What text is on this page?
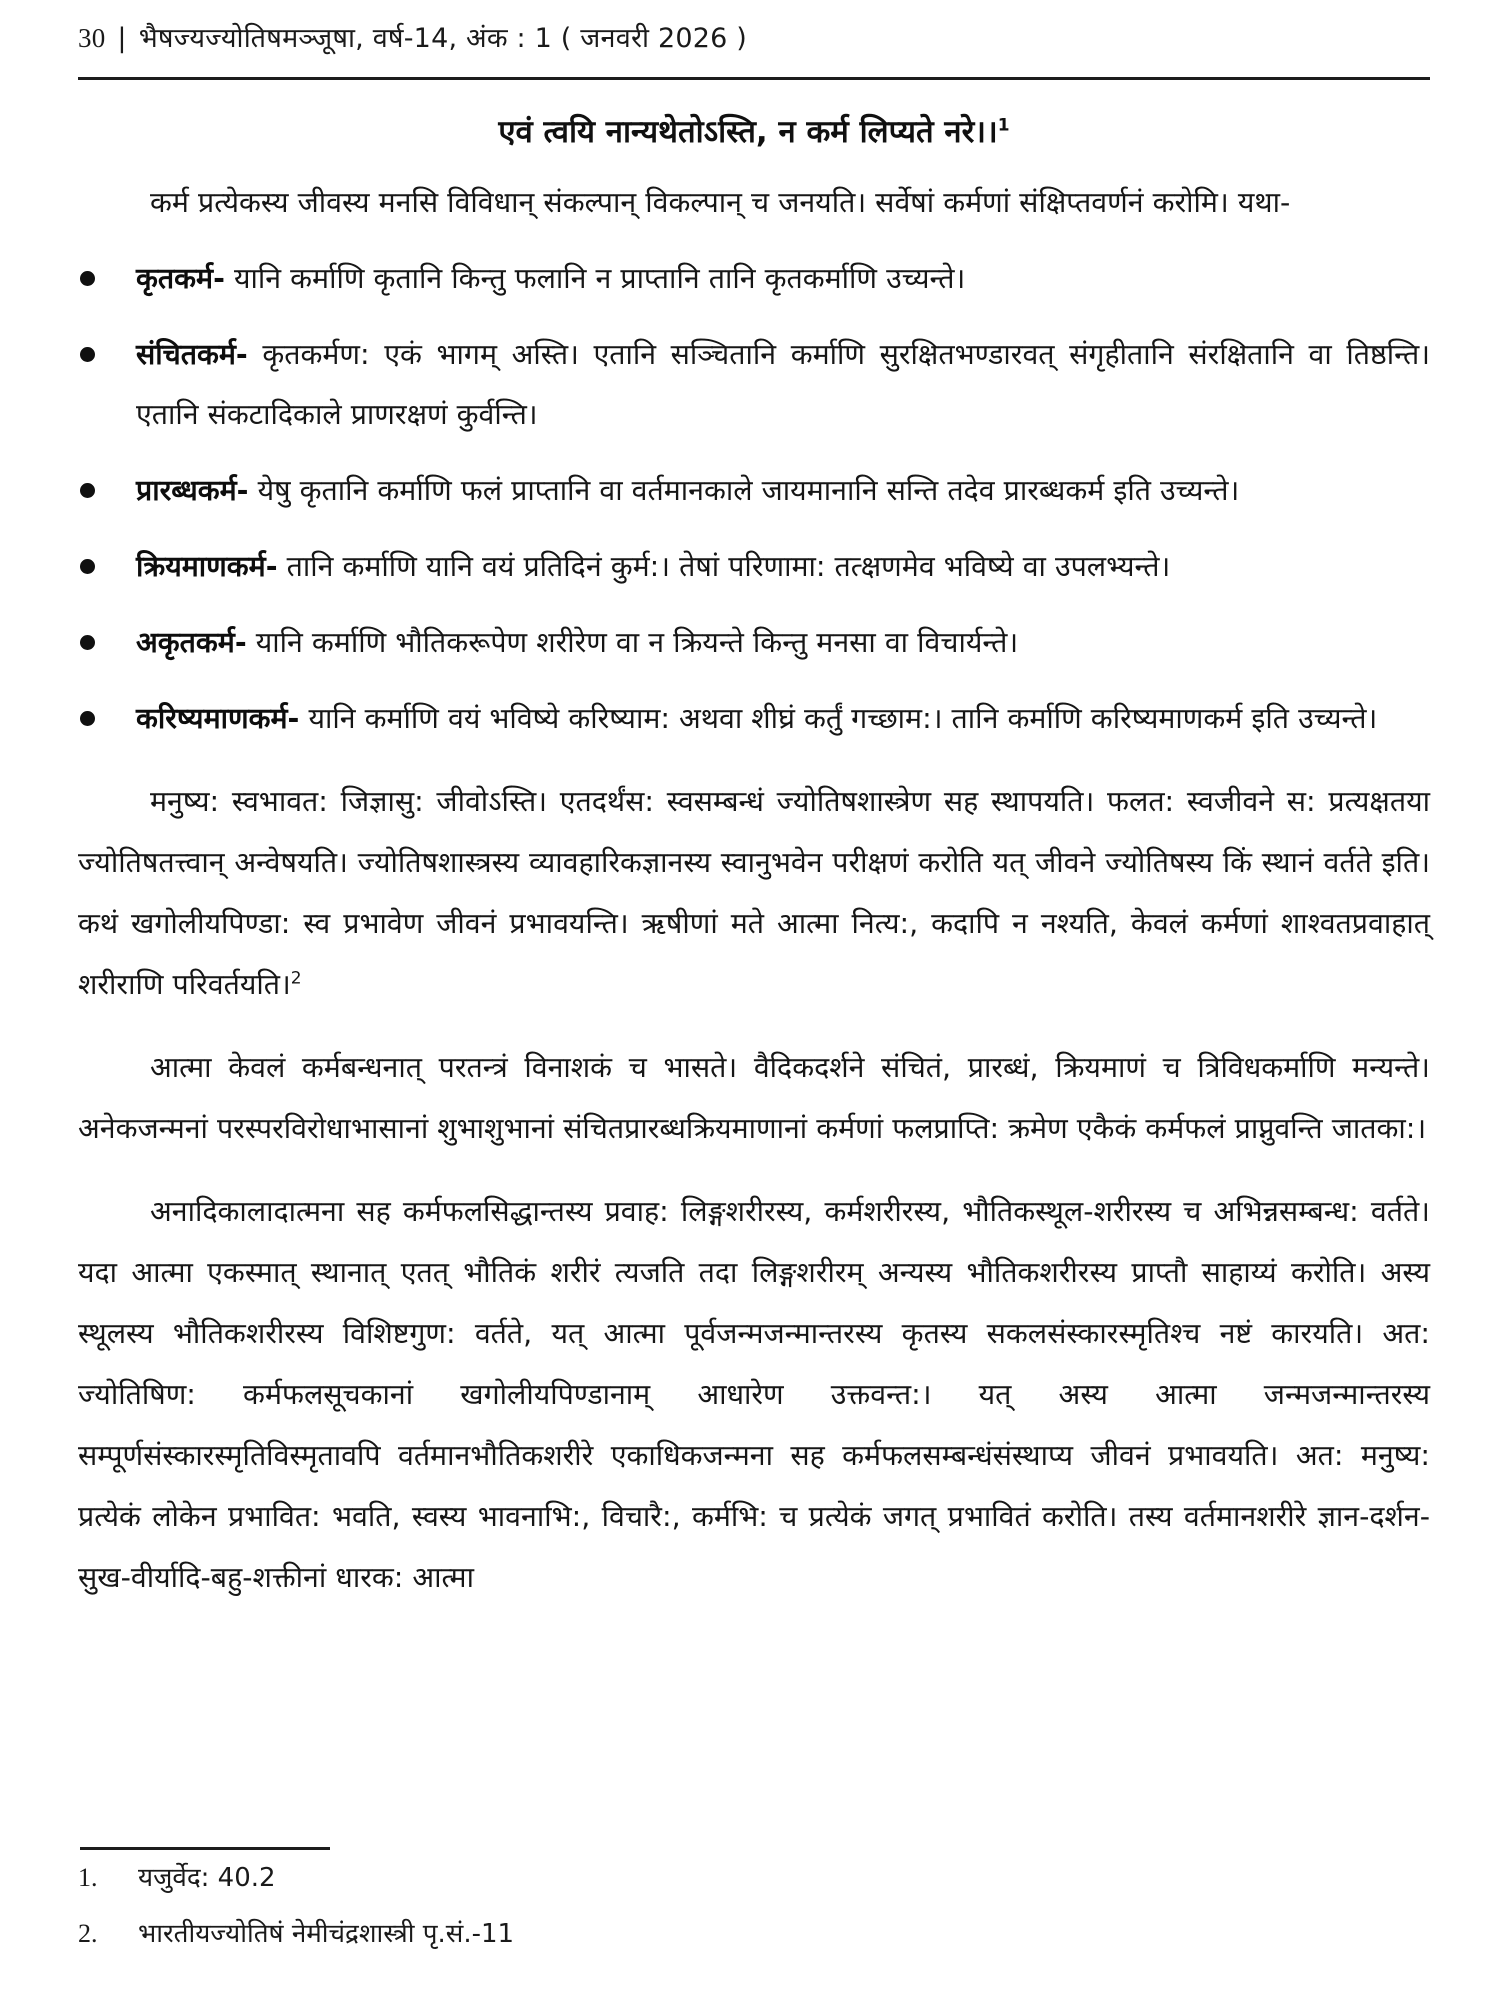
30 | भैषज्यज्योतिषमञ्जूषा, वर्ष-14, अंक : 1 ( जनवरी 2026 )
एवं त्वयि नान्यथेतोऽस्ति, न कर्म लिप्यते नरे।।$^1$

कर्म प्रत्येकस्य जीवस्य मनसि विविधान् संकल्पान् विकल्पान् च जनयति। सर्वेषां कर्मणां संक्षिप्तवर्णनं करोमि। यथा-

कृतकर्म- यानि कर्माणि कृतानि किन्तु फलानि न प्राप्तानि तानि कृतकर्माणि उच्यन्ते।
संचितकर्म- कृतकर्मण: एकं भागम् अस्ति। एतानि सञ्चितानि कर्माणि सुरक्षितभण्डारवत् संगृहीतानि संरक्षितानि वा तिष्ठन्ति। एतानि संकटादिकाले प्राणरक्षणं कुर्वन्ति।
प्रारब्धकर्म- येषु कृतानि कर्माणि फलं प्राप्तानि वा वर्तमानकाले जायमानानि सन्ति तदेव प्रारब्धकर्म इति उच्यन्ते।
क्रियमाणकर्म- तानि कर्माणि यानि वयं प्रतिदिनं कुर्म:। तेषां परिणामा: तत्क्षणमेव भविष्ये वा उपलभ्यन्ते।
अकृतकर्म- यानि कर्माणि भौतिकरूपेण शरीरेण वा न क्रियन्ते किन्तु मनसा वा विचार्यन्ते।
करिष्यमाणकर्म- यानि कर्माणि वयं भविष्ये करिष्याम: अथवा शीघ्रं कर्तुं गच्छाम:। तानि कर्माणि करिष्यमाणकर्म इति उच्यन्ते।

मनुष्य: स्वभावत: जिज्ञासु: जीवोऽस्ति। एतदर्थंस: स्वसम्बन्धं ज्योतिषशास्त्रेण सह स्थापयति। फलत: स्वजीवने स: प्रत्यक्षतया ज्योतिषतत्त्वान् अन्वेषयति। ज्योतिषशास्त्रस्य व्यावहारिकज्ञानस्य स्वानुभवेन परीक्षणं करोति यत् जीवने ज्योतिषस्य किं स्थानं वर्तते इति। कथं खगोलीयपिण्डा: स्व प्रभावेण जीवनं प्रभावयन्ति। ऋषीणां मते आत्मा नित्य:, कदापि न नश्यति, केवलं कर्मणां शाश्वतप्रवाहात् शरीराणि परिवर्तयति।$^2$

आत्मा केवलं कर्मबन्धनात् परतन्त्रं विनाशकं च भासते। वैदिकदर्शने संचितं, प्रारब्धं, क्रियमाणं च त्रिविधकर्माणि मन्यन्ते। अनेकजन्मनां परस्परविरोधाभासानां शुभाशुभानां संचितप्रारब्धक्रियमाणानां कर्मणां फलप्राप्ति: क्रमेण एकैकं कर्मफलं प्राप्नुवन्ति जातका:।

अनादिकालादात्मना सह कर्मफलसिद्धान्तस्य प्रवाह: लिङ्गशरीरस्य, कर्मशरीरस्य, भौतिकस्थूल-शरीरस्य च अभिन्नसम्बन्ध: वर्तते। यदा आत्मा एकस्मात् स्थानात् एतत् भौतिकं शरीरं त्यजति तदा लिङ्गशरीरम् अन्यस्य भौतिकशरीरस्य प्राप्तौ साहाय्यं करोति। अस्य स्थूलस्य भौतिकशरीरस्य विशिष्टगुण: वर्तते, यत् आत्मा पूर्वजन्मजन्मान्तरस्य कृतस्य सकलसंस्कारस्मृतिश्च नष्टं कारयति। अत: ज्योतिषिण: कर्मफलसूचकानां खगोलीयपिण्डानाम् आधारेण उक्तवन्त:। यत् अस्य आत्मा जन्मजन्मान्तरस्य सम्पूर्णसंस्कारस्मृतिविस्मृतावपि वर्तमानभौतिकशरीरे एकाधिकजन्मना सह कर्मफलसम्बन्धंसंस्थाप्य जीवनं प्रभावयति। अत: मनुष्य: प्रत्येकं लोकेन प्रभावित: भवति, स्वस्य भावनाभि:, विचारै:, कर्मभि: च प्रत्येकं जगत् प्रभावितं करोति। तस्य वर्तमानशरीरे ज्ञान-दर्शन-सुख-वीर्यादि-बहु-शक्तीनां धारक: आत्मा

1.	यजुर्वेद: 40.2
2.	भारतीयज्योतिषं नेमीचंद्रशास्त्री पृ.सं.-11
